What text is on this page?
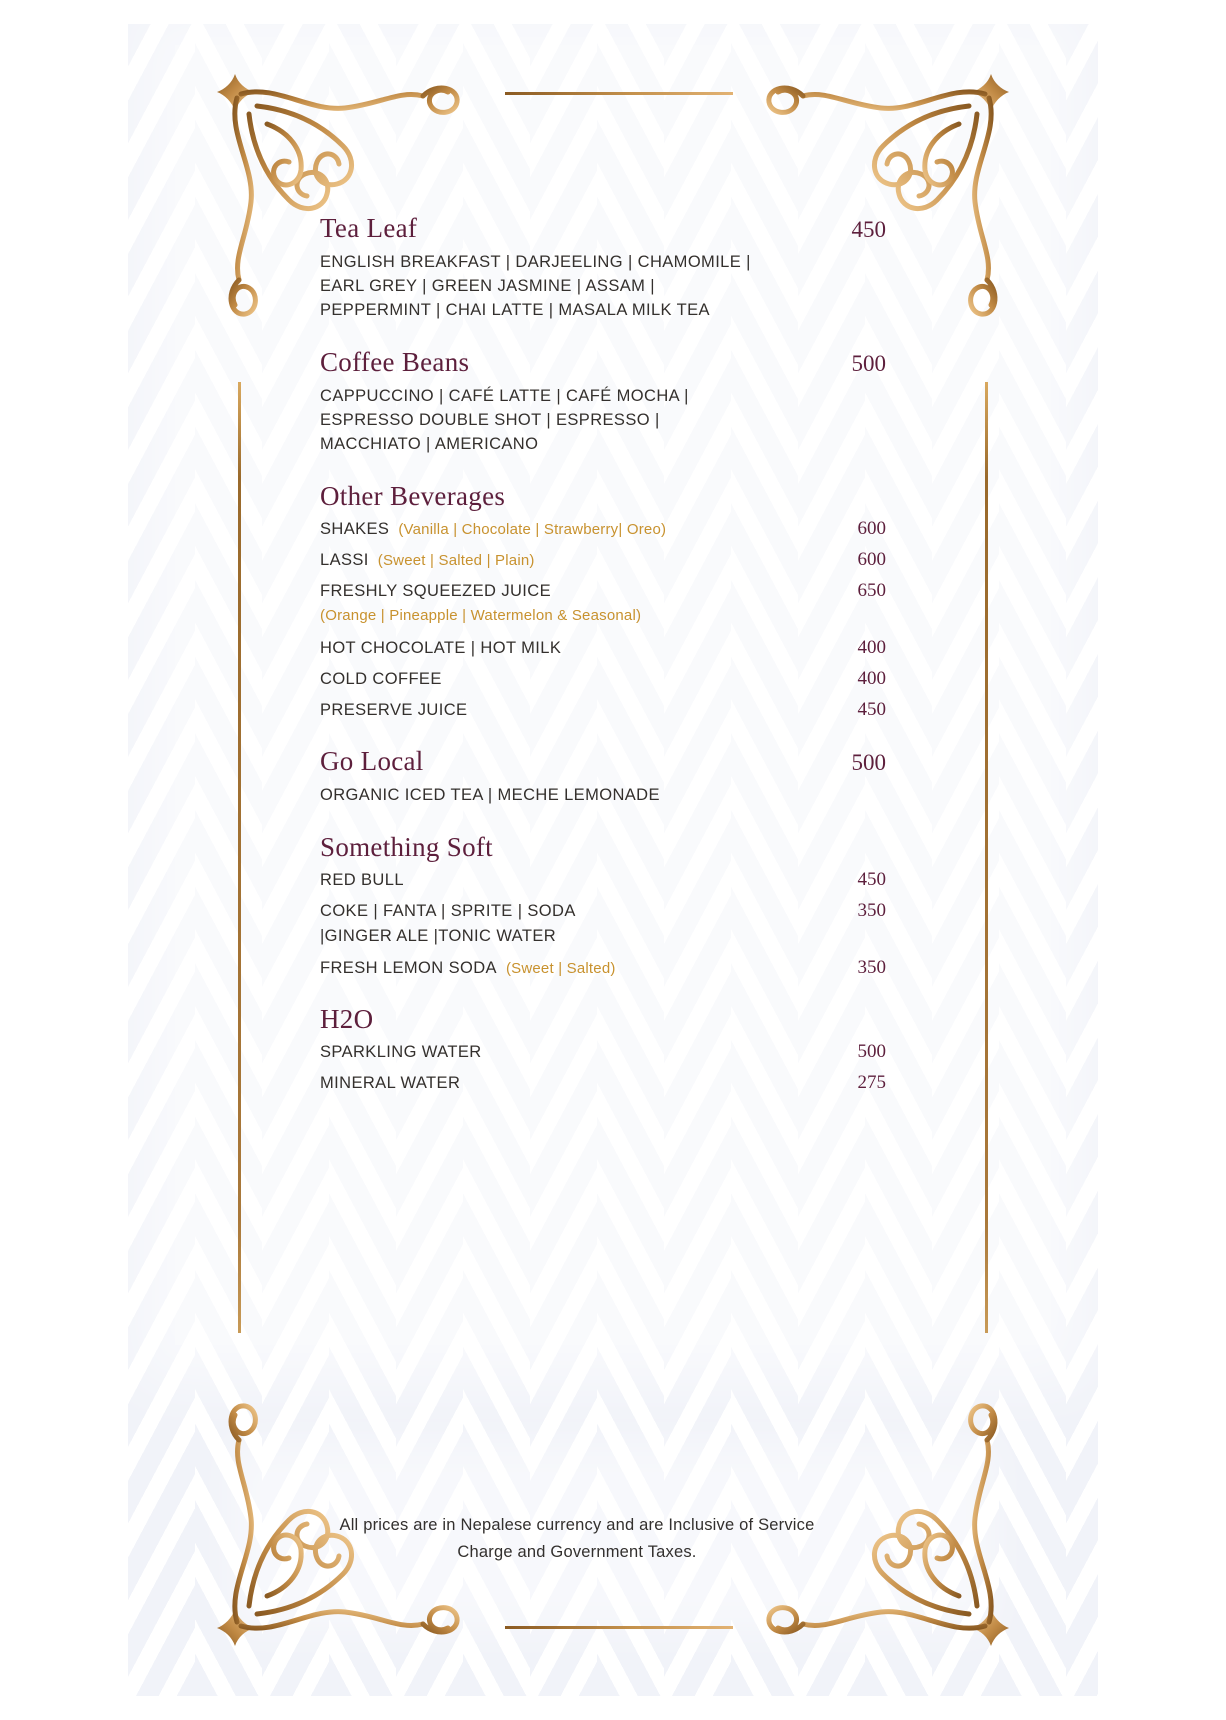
Tea Leaf	450
ENGLISH BREAKFAST | DARJEELING | CHAMOMILE |
EARL GREY | GREEN JASMINE | ASSAM |
PEPPERMINT | CHAI LATTE | MASALA MILK TEA
Coffee Beans	500
CAPPUCCINO | CAFÉ LATTE | CAFÉ MOCHA |
ESPRESSO DOUBLE SHOT | ESPRESSO |
MACCHIATO | AMERICANO
Other Beverages
SHAKES (Vanilla | Chocolate | Strawberry| Oreo)	600
LASSI (Sweet | Salted | Plain)	600
FRESHLY SQUEEZED JUICE	650
(Orange | Pineapple | Watermelon & Seasonal)
HOT CHOCOLATE | HOT MILK	400
COLD COFFEE	400
PRESERVE JUICE	450
Go Local	500
ORGANIC ICED TEA | MECHE LEMONADE
Something Soft
RED BULL	450
COKE | FANTA | SPRITE | SODA	350
|GINGER ALE |TONIC WATER
FRESH LEMON SODA (Sweet | Salted)	350
H2O
SPARKLING WATER	500
MINERAL WATER	275
All prices are in Nepalese currency and are Inclusive of Service
Charge and Government Taxes.
